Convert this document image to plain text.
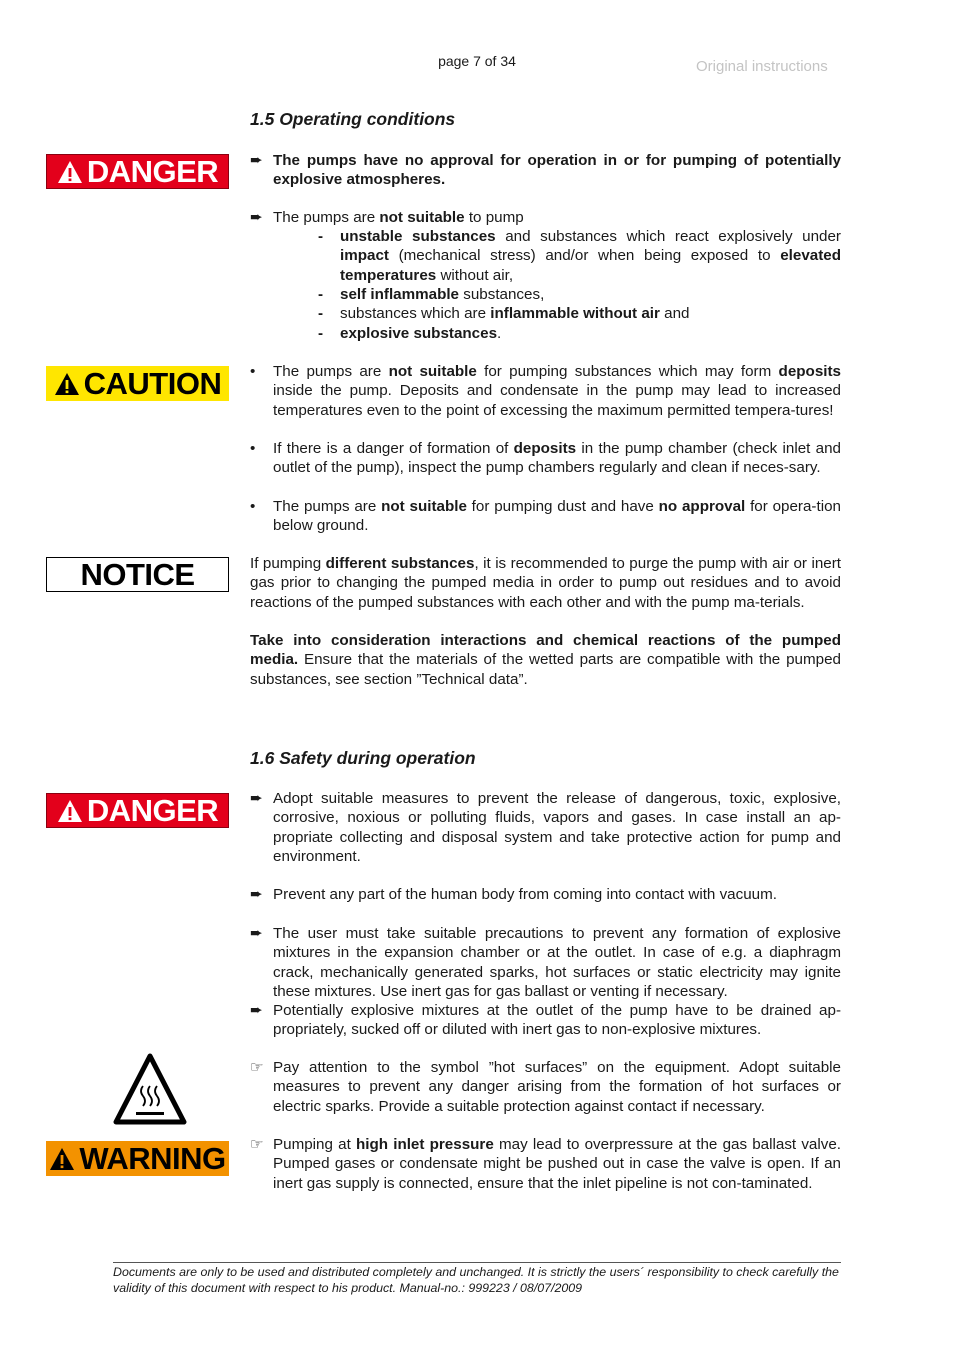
page 7 of 34	Original instructions
1.5 Operating conditions
DANGER ➨ The pumps have no approval for operation in or for pumping of potentially explosive atmospheres.
➨ The pumps are not suitable to pump
- unstable substances and substances which react explosively under impact (mechanical stress) and/or when being exposed to elevated temperatures without air,
- self inflammable substances,
- substances which are inflammable without air and
- explosive substances.
CAUTION •	The pumps are not suitable for pumping substances which may form deposits inside the pump. Deposits and condensate in the pump may lead to increased temperatures even to the point of excessing the maximum permitted tempera-tures!
•	If there is a danger of formation of deposits in the pump chamber (check inlet and outlet of the pump), inspect the pump chambers regularly and clean if neces-sary.
•	The pumps are not suitable for pumping dust and have no approval for opera-tion below ground.
NOTICE	If pumping different substances, it is recommended to purge the pump with air or inert gas prior to changing the pumped media in order to pump out residues and to avoid reactions of the pumped substances with each other and with the pump ma-terials.
Take into consideration interactions and chemical reactions of the pumped media. Ensure that the materials of the wetted parts are compatible with the pumped substances, see section ”Technical data”.
1.6 Safety during operation
DANGER ➨ Adopt suitable measures to prevent the release of dangerous, toxic, explosive, corrosive, noxious or polluting fluids, vapors and gases. In case install an ap-propriate collecting and disposal system and take protective action for pump and environment.
➨ Prevent any part of the human body from coming into contact with vacuum.
➨ The user must take suitable precautions to prevent any formation of explosive mixtures in the expansion chamber or at the outlet. In case of e.g. a diaphragm crack, mechanically generated sparks, hot surfaces or static electricity may ignite these mixtures. Use inert gas for gas ballast or venting if necessary.
➨ Potentially explosive mixtures at the outlet of the pump have to be drained ap-propriately, sucked off or diluted with inert gas to non-explosive mixtures.
☞ Pay attention to the symbol ”hot surfaces” on the equipment. Adopt suitable measures to prevent any danger arising from the formation of hot surfaces or electric sparks. Provide a suitable protection against contact if necessary.
WARNING ☞ Pumping at high inlet pressure may lead to overpressure at the gas ballast valve. Pumped gases or condensate might be pushed out in case the valve is open. If an inert gas supply is connected, ensure that the inlet pipeline is not con-taminated.
Documents are only to be used and distributed completely and unchanged. It is strictly the users´ responsibility to check carefully the validity of this document with respect to his product. Manual-no.: 999223 / 08/07/2009
